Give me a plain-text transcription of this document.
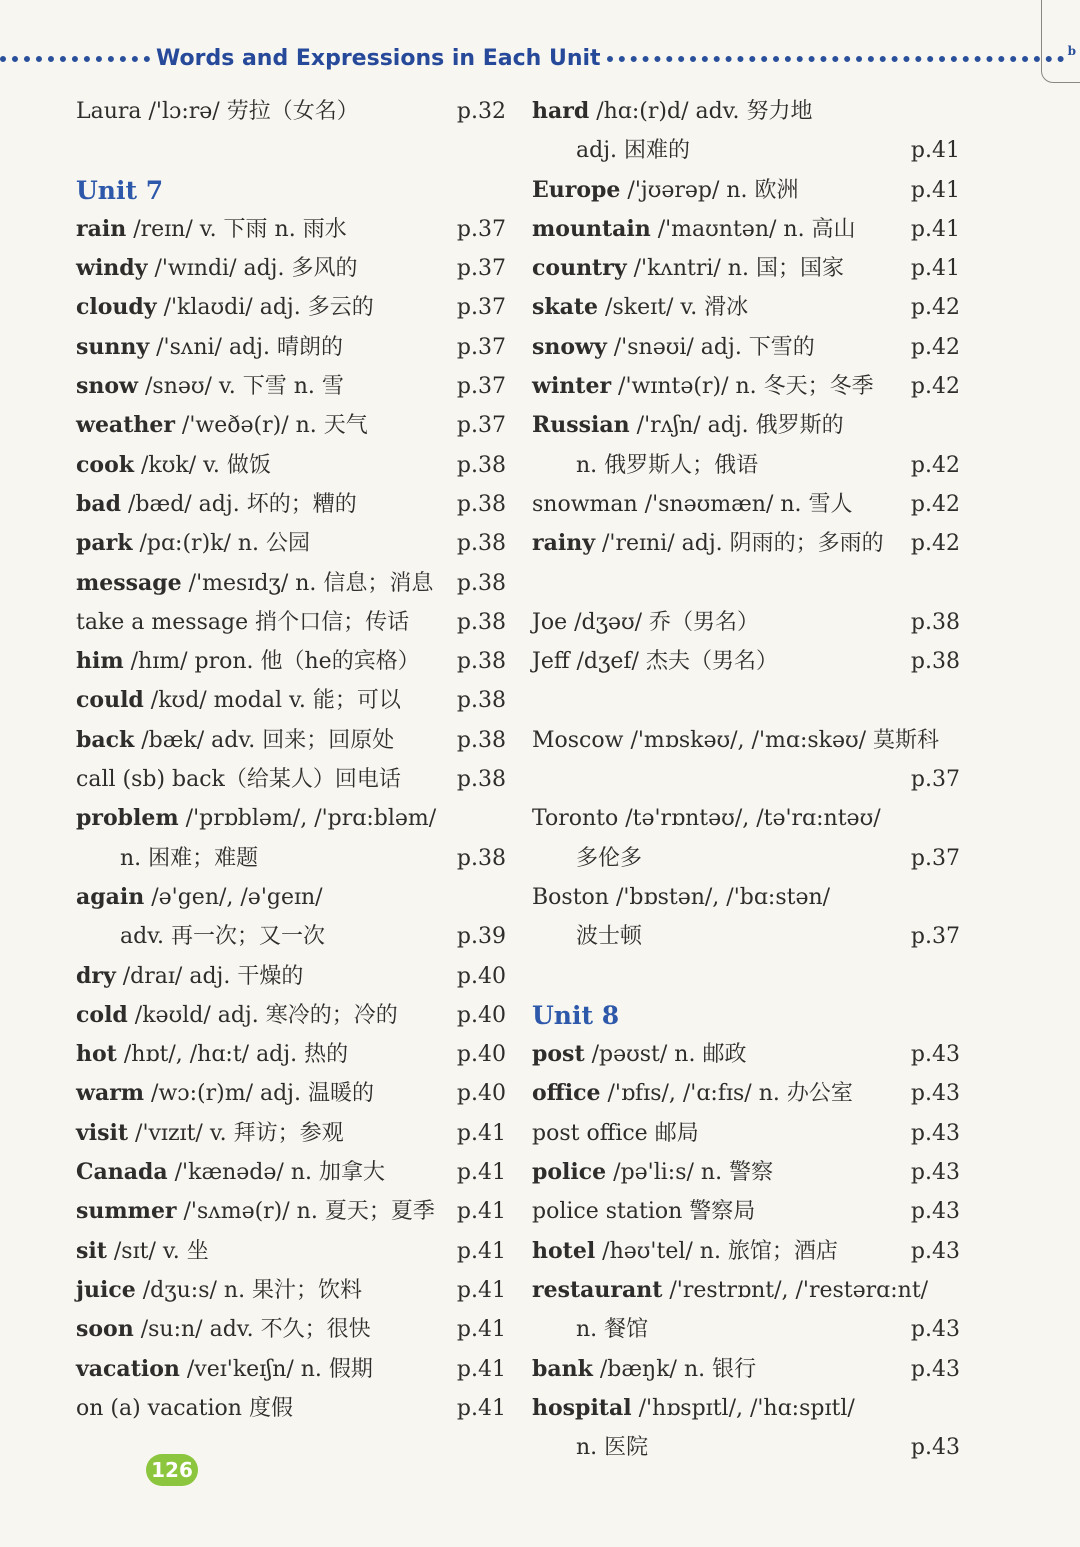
Words and Expressions in Each Unit	b
Laura /'lɔ:rə/ 劳拉（女名）	p.32
Unit 7
rain /reɪn/ v. 下雨 n. 雨水	p.37
windy /'wɪndi/ adj. 多风的	p.37
cloudy /'klaʊdi/ adj. 多云的	p.37
sunny /'sʌni/ adj. 晴朗的	p.37
snow /snəʊ/ v. 下雪 n. 雪	p.37
weather /'weðə(r)/ n. 天气	p.37
cook /kʊk/ v. 做饭	p.38
bad /bæd/ adj. 坏的；糟的	p.38
park /pɑ:(r)k/ n. 公园	p.38
message /'mesɪdʒ/ n. 信息；消息 p.38
take a message 捎个口信；传话 p.38
him /hɪm/ pron. 他（he的宾格） p.38
could /kʊd/ modal v. 能；可以	p.38
back /bæk/ adv. 回来；回原处	p.38
call (sb) back（给某人）回电话	p.38
problem /'prɒbləm/, /'prɑ:bləm/
n. 困难；难题	p.38
again /ə'gen/, /ə'geɪn/
adv. 再一次；又一次	p.39
dry /draɪ/ adj. 干燥的	p.40
cold /kəʊld/ adj. 寒冷的；冷的	p.40
hot /hɒt/, /hɑ:t/ adj. 热的	p.40
warm /wɔ:(r)m/ adj. 温暖的	p.40
visit /'vɪzɪt/ v. 拜访；参观	p.41
Canada /'kænədə/ n. 加拿大	p.41
summer /'sʌmə(r)/ n. 夏天；夏季 p.41
sit /sɪt/ v. 坐	p.41
juice /dʒu:s/ n. 果汁；饮料	p.41
soon /su:n/ adv. 不久；很快	p.41
vacation /veɪ'keɪʃn/ n. 假期	p.41
on (a) vacation 度假	p.41
hard /hɑ:(r)d/ adv. 努力地
adj. 困难的	p.41
Europe /'jʊərəp/ n. 欧洲	p.41
mountain /'maʊntən/ n. 高山	p.41
country /'kʌntri/ n. 国；国家	p.41
skate /skeɪt/ v. 滑冰	p.42
snowy /'snəʊi/ adj. 下雪的	p.42
winter /'wɪntə(r)/ n. 冬天；冬季 p.42
Russian /'rʌʃn/ adj. 俄罗斯的
n. 俄罗斯人；俄语	p.42
snowman /'snəʊmæn/ n. 雪人	p.42
rainy /'reɪni/ adj. 阴雨的；多雨的 p.42
Joe /dʒəʊ/ 乔（男名）	p.38
Jeff /dʒef/ 杰夫（男名）	p.38
Moscow /'mɒskəʊ/, /'mɑ:skəʊ/ 莫斯科
p.37
Toronto /tə'rɒntəʊ/, /tə'rɑ:ntəʊ/
多伦多	p.37
Boston /'bɒstən/, /'bɑ:stən/
波士顿	p.37
Unit 8
post /pəʊst/ n. 邮政	p.43
office /'ɒfɪs/, /'ɑ:fɪs/ n. 办公室	p.43
post office 邮局	p.43
police /pə'li:s/ n. 警察	p.43
police station 警察局	p.43
hotel /həʊ'tel/ n. 旅馆；酒店	p.43
restaurant /'restrɒnt/, /'restərɑ:nt/
n. 餐馆	p.43
bank /bæŋk/ n. 银行	p.43
hospital /'hɒspɪtl/, /'hɑ:spɪtl/
n. 医院	p.43
126
